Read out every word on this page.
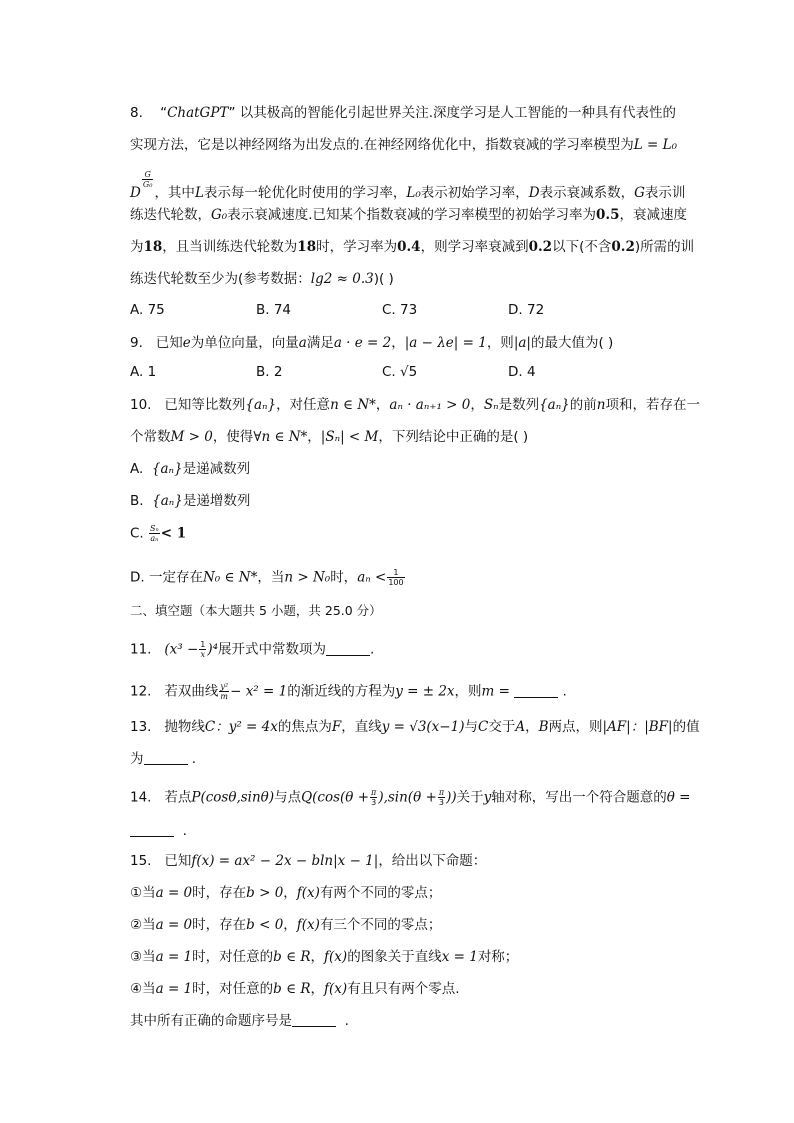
8. “ChatGPT” 以其极高的智能化引起世界关注.深度学习是人工智能的一种具有代表性的
实现方法，它是以神经网络为出发点的.在神经网络优化中，指数衰减的学习率模型为L = L₀
D
$\frac{G}{\text{G₀}}$
，其中L表示每一轮优化时使用的学习率，L₀表示初始学习率，D表示衰减系数，G表示训
练迭代轮数，G₀表示衰减速度.已知某个指数衰减的学习率模型的初始学习率为0.5，衰减速度
为18，且当训练迭代轮数为18时，学习率为0.4，则学习率衰减到0.2以下(不含0.2)所需的训
练迭代轮数至少为(参考数据：lg2 ≈ 0.3)( )
A. 75	B. 74	C. 73	D. 72
9. 已知e为单位向量，向量a满足a · e = 2，|a − λe| = 1，则|a|的最大值为( )
A. 1	B. 2	C. √5	D. 4
10. 已知等比数列{aₙ}，对任意n ∈ N*，aₙ · aₙ₊₁ > 0，Sₙ是数列{aₙ}的前n项和，若存在一
个常数M > 0，使得∀n ∈ N*，|Sₙ| < M，下列结论中正确的是( )
A. {aₙ}是递减数列
B. {aₙ}是递增数列
C. $\frac{\text{Sₙ}}{\text{aₙ}} < 1$
D. 一定存在N₀ ∈ N*，当n > N₀时，$a_n < \frac{1}{100}$
二、填空题（本大题共 5 小题，共 25.0 分）
11. $(x^3 - \frac{1}{x} )^4$展开式中常数项为	.
12. 若双曲线 $\frac{\text{y²}}{m} - x^2 = 1$的渐近线的方程为y = ± 2x，则m =	.
13. 抛物线C：y² = 4x的焦点为F，直线y = √3(x−1)与C交于A，B两点，则|AF|：|BF|的值
为	.
14. 若点P(cosθ,sinθ)与点$Q(\cos(\theta + \frac{\pi}{3} ),\sin(\theta + \frac{\pi}{3}$ ))关于y轴对称，写出一个符合题意的θ =
.
15. 已知f(x) = ax² − 2x − bln|x − 1|，给出以下命题：
①当a = 0时，存在b > 0，f(x)有两个不同的零点；
②当a = 0时，存在b < 0，f(x)有三个不同的零点；
③当a = 1时，对任意的b ∈ R，f(x)的图象关于直线x = 1对称；
④当a = 1时，对任意的b ∈ R，f(x)有且只有两个零点.
其中所有正确的命题序号是	.
